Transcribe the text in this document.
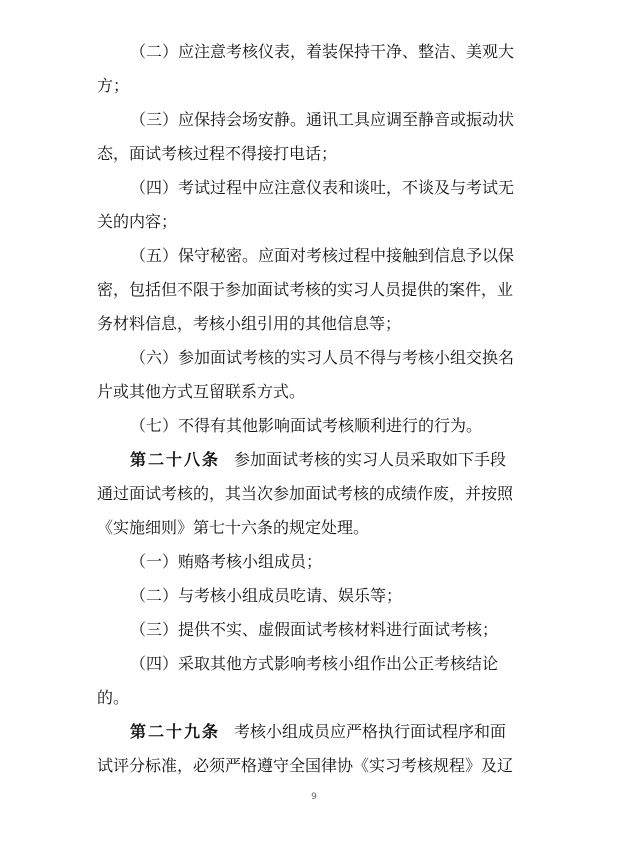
（二）应注意考核仪表，着装保持干净、整洁、美观大
方；
（三）应保持会场安静。通讯工具应调至静音或振动状
态，面试考核过程不得接打电话；
（四）考试过程中应注意仪表和谈吐，不谈及与考试无
关的内容；
（五）保守秘密。应面对考核过程中接触到信息予以保
密，包括但不限于参加面试考核的实习人员提供的案件，业
务材料信息，考核小组引用的其他信息等；
（六）参加面试考核的实习人员不得与考核小组交换名
片或其他方式互留联系方式。
（七）不得有其他影响面试考核顺利进行的行为。
第二十八条 参加面试考核的实习人员采取如下手段
通过面试考核的，其当次参加面试考核的成绩作废，并按照
《实施细则》第七十六条的规定处理。
（一）贿赂考核小组成员；
（二）与考核小组成员吃请、娱乐等；
（三）提供不实、虚假面试考核材料进行面试考核；
（四）采取其他方式影响考核小组作出公正考核结论
的。
第二十九条 考核小组成员应严格执行面试程序和面
试评分标准，必须严格遵守全国律协《实习考核规程》及辽
9
